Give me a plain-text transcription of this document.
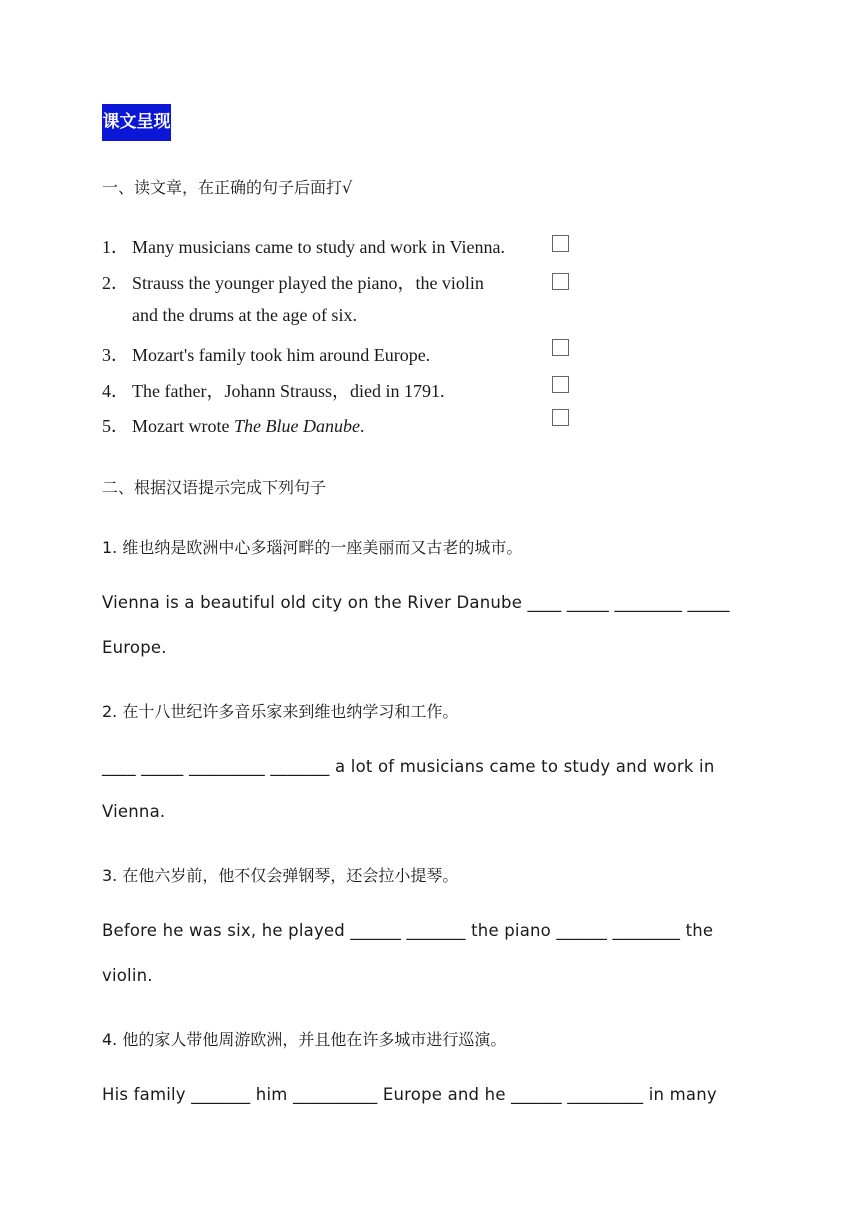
课文呈现
一、读文章，在正确的句子后面打√
1． Many musicians came to study and work in Vienna.
2． Strauss the younger played the piano，the violin
and the drums at the age of six.
3． Mozart's family took him around Europe.
4． The father，Johann Strauss，died in 1791.
5． Mozart wrote The Blue Danube.
二、根据汉语提示完成下列句子
1. 维也纳是欧洲中心多瑙河畔的一座美丽而又古老的城市。
Vienna is a beautiful old city on the River Danube ____ _____ ________ _____
Europe.
2. 在十八世纪许多音乐家来到维也纳学习和工作。
____ _____ _________ _______ a lot of musicians came to study and work in
Vienna.
3. 在他六岁前，他不仅会弹钢琴，还会拉小提琴。
Before he was six, he played ______ _______ the piano ______ ________ the
violin.
4. 他的家人带他周游欧洲，并且他在许多城市进行巡演。
His family _______ him __________ Europe and he ______ _________ in many
